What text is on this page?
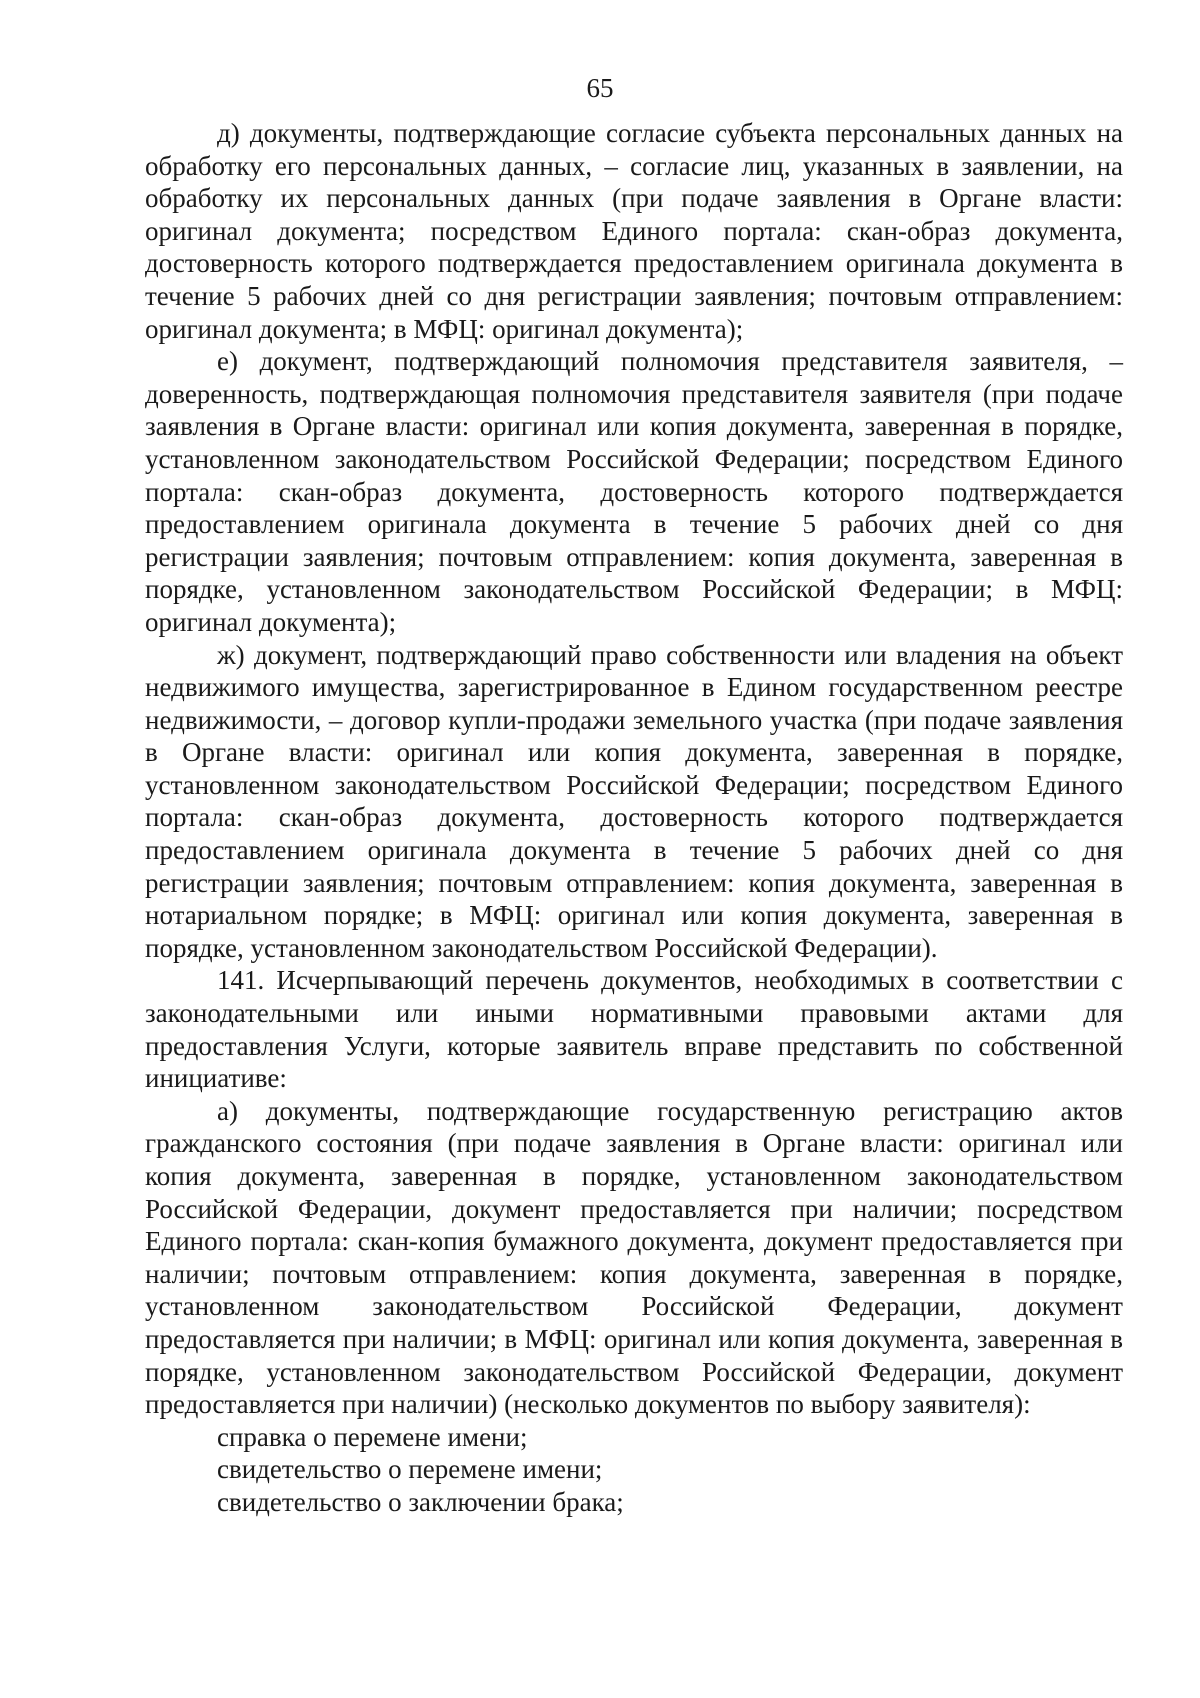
65

д) документы, подтверждающие согласие субъекта персональных данных на обработку его персональных данных, – согласие лиц, указанных в заявлении, на обработку их персональных данных (при подаче заявления в Органе власти: оригинал документа; посредством Единого портала: скан-образ документа, достоверность которого подтверждается предоставлением оригинала документа в течение 5 рабочих дней со дня регистрации заявления; почтовым отправлением: оригинал документа; в МФЦ: оригинал документа);

е) документ, подтверждающий полномочия представителя заявителя, – доверенность, подтверждающая полномочия представителя заявителя (при подаче заявления в Органе власти: оригинал или копия документа, заверенная в порядке, установленном законодательством Российской Федерации; посредством Единого портала: скан-образ документа, достоверность которого подтверждается предоставлением оригинала документа в течение 5 рабочих дней со дня регистрации заявления; почтовым отправлением: копия документа, заверенная в порядке, установленном законодательством Российской Федерации; в МФЦ: оригинал документа);

ж) документ, подтверждающий право собственности или владения на объект недвижимого имущества, зарегистрированное в Едином государственном реестре недвижимости, – договор купли-продажи земельного участка (при подаче заявления в Органе власти: оригинал или копия документа, заверенная в порядке, установленном законодательством Российской Федерации; посредством Единого портала: скан-образ документа, достоверность которого подтверждается предоставлением оригинала документа в течение 5 рабочих дней со дня регистрации заявления; почтовым отправлением: копия документа, заверенная в нотариальном порядке; в МФЦ: оригинал или копия документа, заверенная в порядке, установленном законодательством Российской Федерации).

141. Исчерпывающий перечень документов, необходимых в соответствии с законодательными или иными нормативными правовыми актами для предоставления Услуги, которые заявитель вправе представить по собственной инициативе:

а) документы, подтверждающие государственную регистрацию актов гражданского состояния (при подаче заявления в Органе власти: оригинал или копия документа, заверенная в порядке, установленном законодательством Российской Федерации, документ предоставляется при наличии; посредством Единого портала: скан-копия бумажного документа, документ предоставляется при наличии; почтовым отправлением: копия документа, заверенная в порядке, установленном законодательством Российской Федерации, документ предоставляется при наличии; в МФЦ: оригинал или копия документа, заверенная в порядке, установленном законодательством Российской Федерации, документ предоставляется при наличии) (несколько документов по выбору заявителя):

справка о перемене имени;

свидетельство о перемене имени;

свидетельство о заключении брака;
